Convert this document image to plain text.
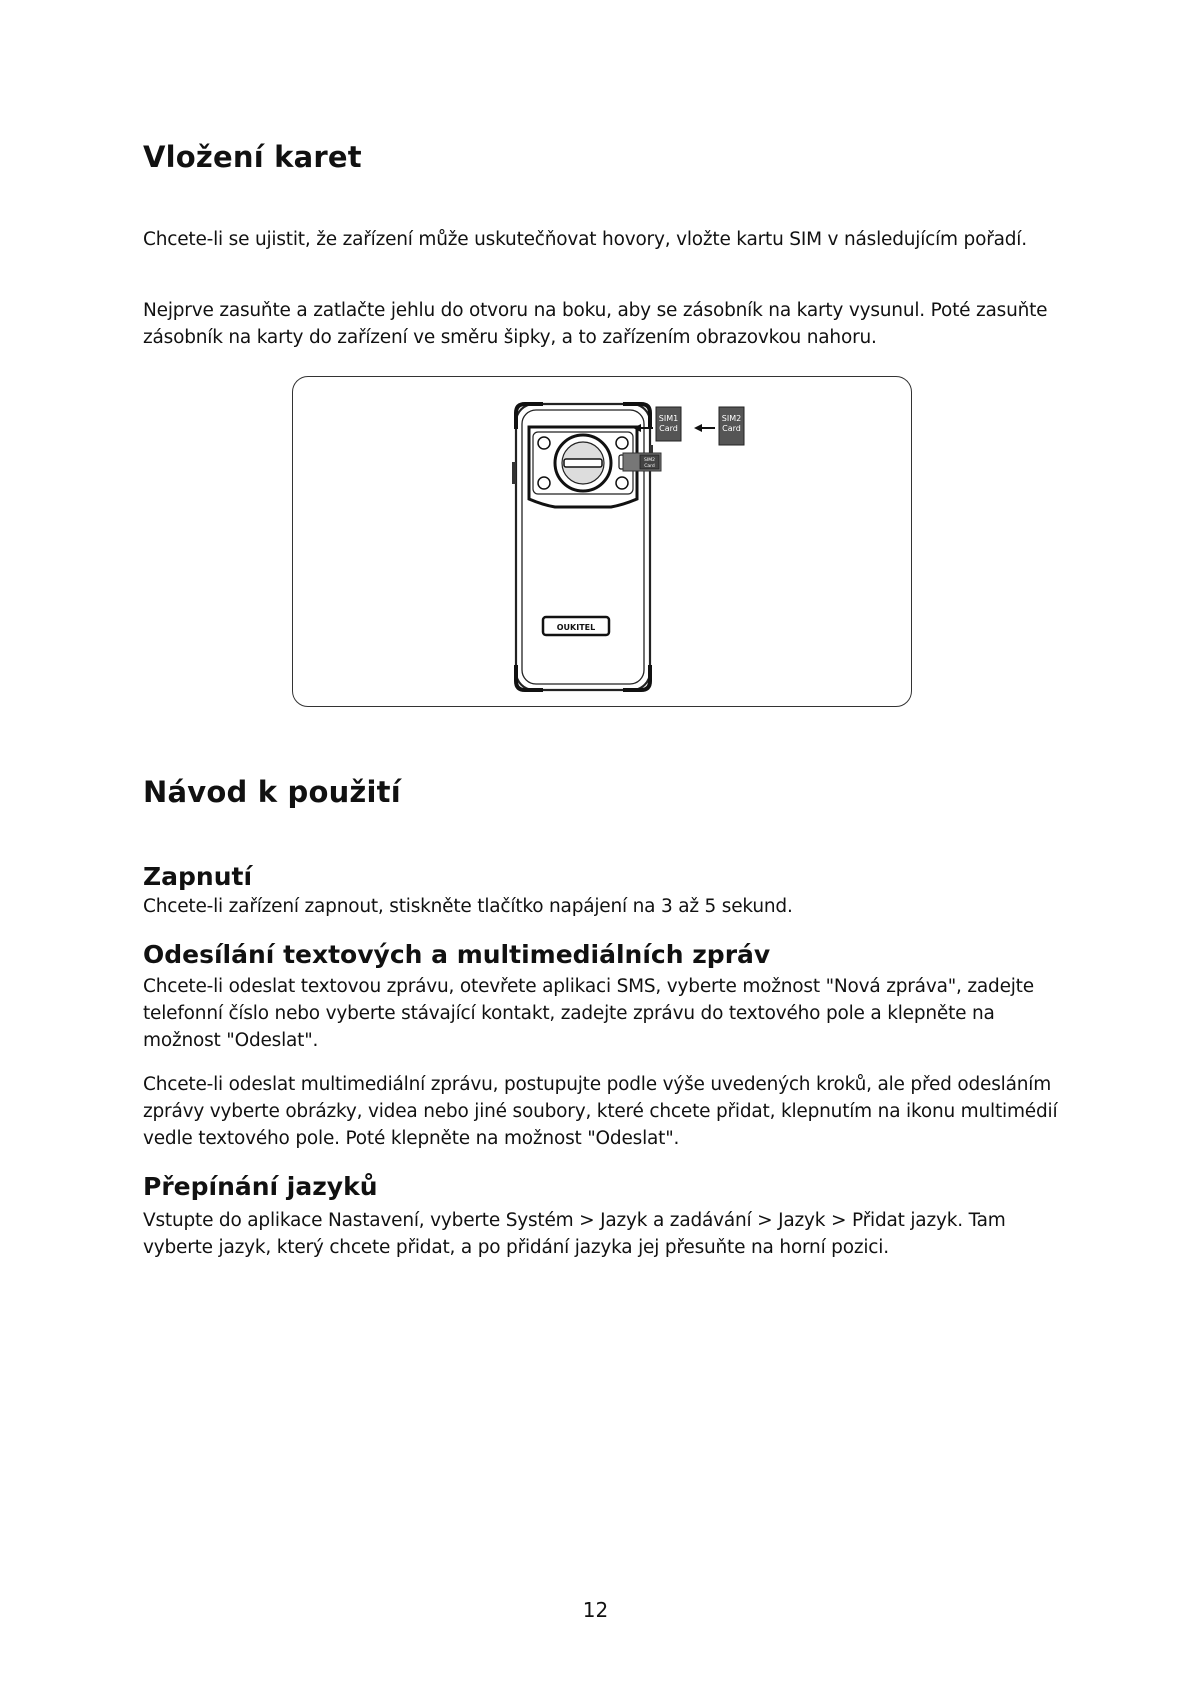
Vložení karet

Chcete-li se ujistit, že zařízení může uskutečňovat hovory, vložte kartu SIM v následujícím pořadí.

Nejprve zasuňte a zatlačte jehlu do otvoru na boku, aby se zásobník na karty vysunul. Poté zasuňte zásobník na karty do zařízení ve směru šipky, a to zařízením obrazovkou nahoru.

Návod k použití
Zapnutí

Chcete-li zařízení zapnout, stiskněte tlačítko napájení na 3 až 5 sekund.

Odesílání textových a multimediálních zpráv

Chcete-li odeslat textovou zprávu, otevřete aplikaci SMS, vyberte možnost "Nová zpráva", zadejte telefonní číslo nebo vyberte stávající kontakt, zadejte zprávu do textového pole a klepněte na možnost "Odeslat".

Chcete-li odeslat multimediální zprávu, postupujte podle výše uvedených kroků, ale před odesláním zprávy vyberte obrázky, videa nebo jiné soubory, které chcete přidat, klepnutím na ikonu multimédií vedle textového pole. Poté klepněte na možnost "Odeslat".

Přepínání jazyků

Vstupte do aplikace Nastavení, vyberte Systém > Jazyk a zadávání > Jazyk > Přidat jazyk. Tam vyberte jazyk, který chcete přidat, a po přidání jazyka jej přesuňte na horní pozici.

OUKITEL
SIM2
Card
SIM1
Card
SIM2
Card
12
